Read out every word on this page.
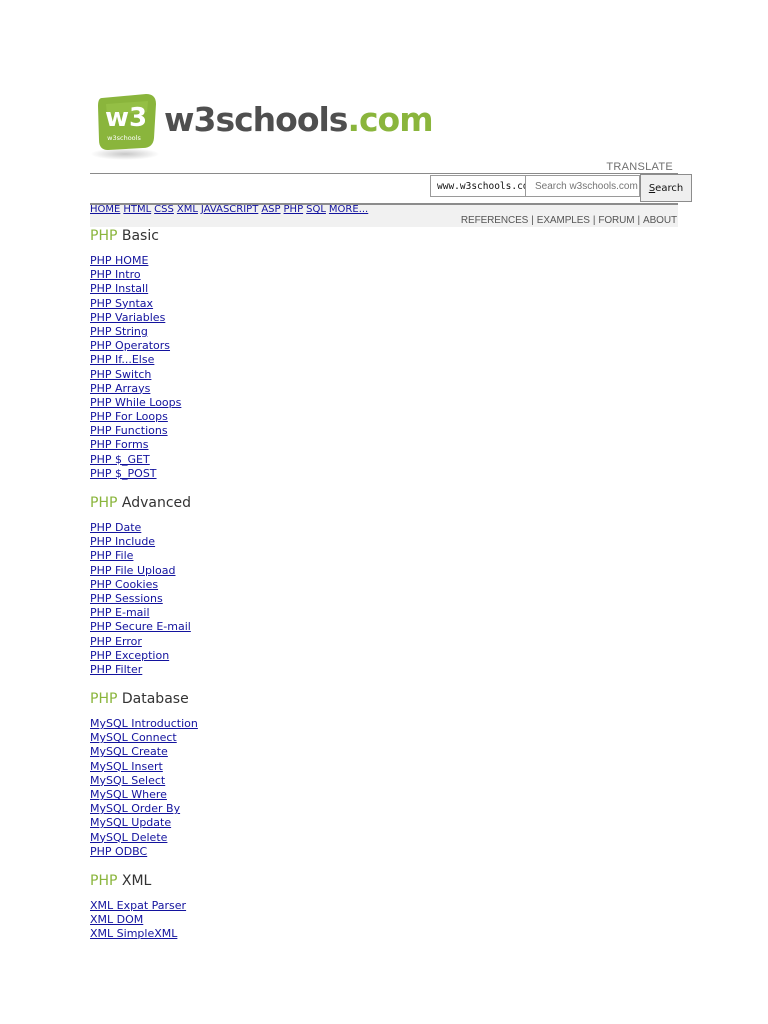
w3
w3schools w3schools.com
TRANSLATE
www.w3schools.com
Search w3schools.com
Search
HOME HTML CSS XML JAVASCRIPT ASP PHP SQL MORE...
REFERENCES | EXAMPLES | FORUM | ABOUT
PHP Basic
PHP HOME
PHP Intro
PHP Install
PHP Syntax
PHP Variables
PHP String
PHP Operators
PHP If...Else
PHP Switch
PHP Arrays
PHP While Loops
PHP For Loops
PHP Functions
PHP Forms
PHP $_GET
PHP $_POST
PHP Advanced
PHP Date
PHP Include
PHP File
PHP File Upload
PHP Cookies
PHP Sessions
PHP E-mail
PHP Secure E-mail
PHP Error
PHP Exception
PHP Filter
PHP Database
MySQL Introduction
MySQL Connect
MySQL Create
MySQL Insert
MySQL Select
MySQL Where
MySQL Order By
MySQL Update
MySQL Delete
PHP ODBC
PHP XML
XML Expat Parser
XML DOM
XML SimpleXML
